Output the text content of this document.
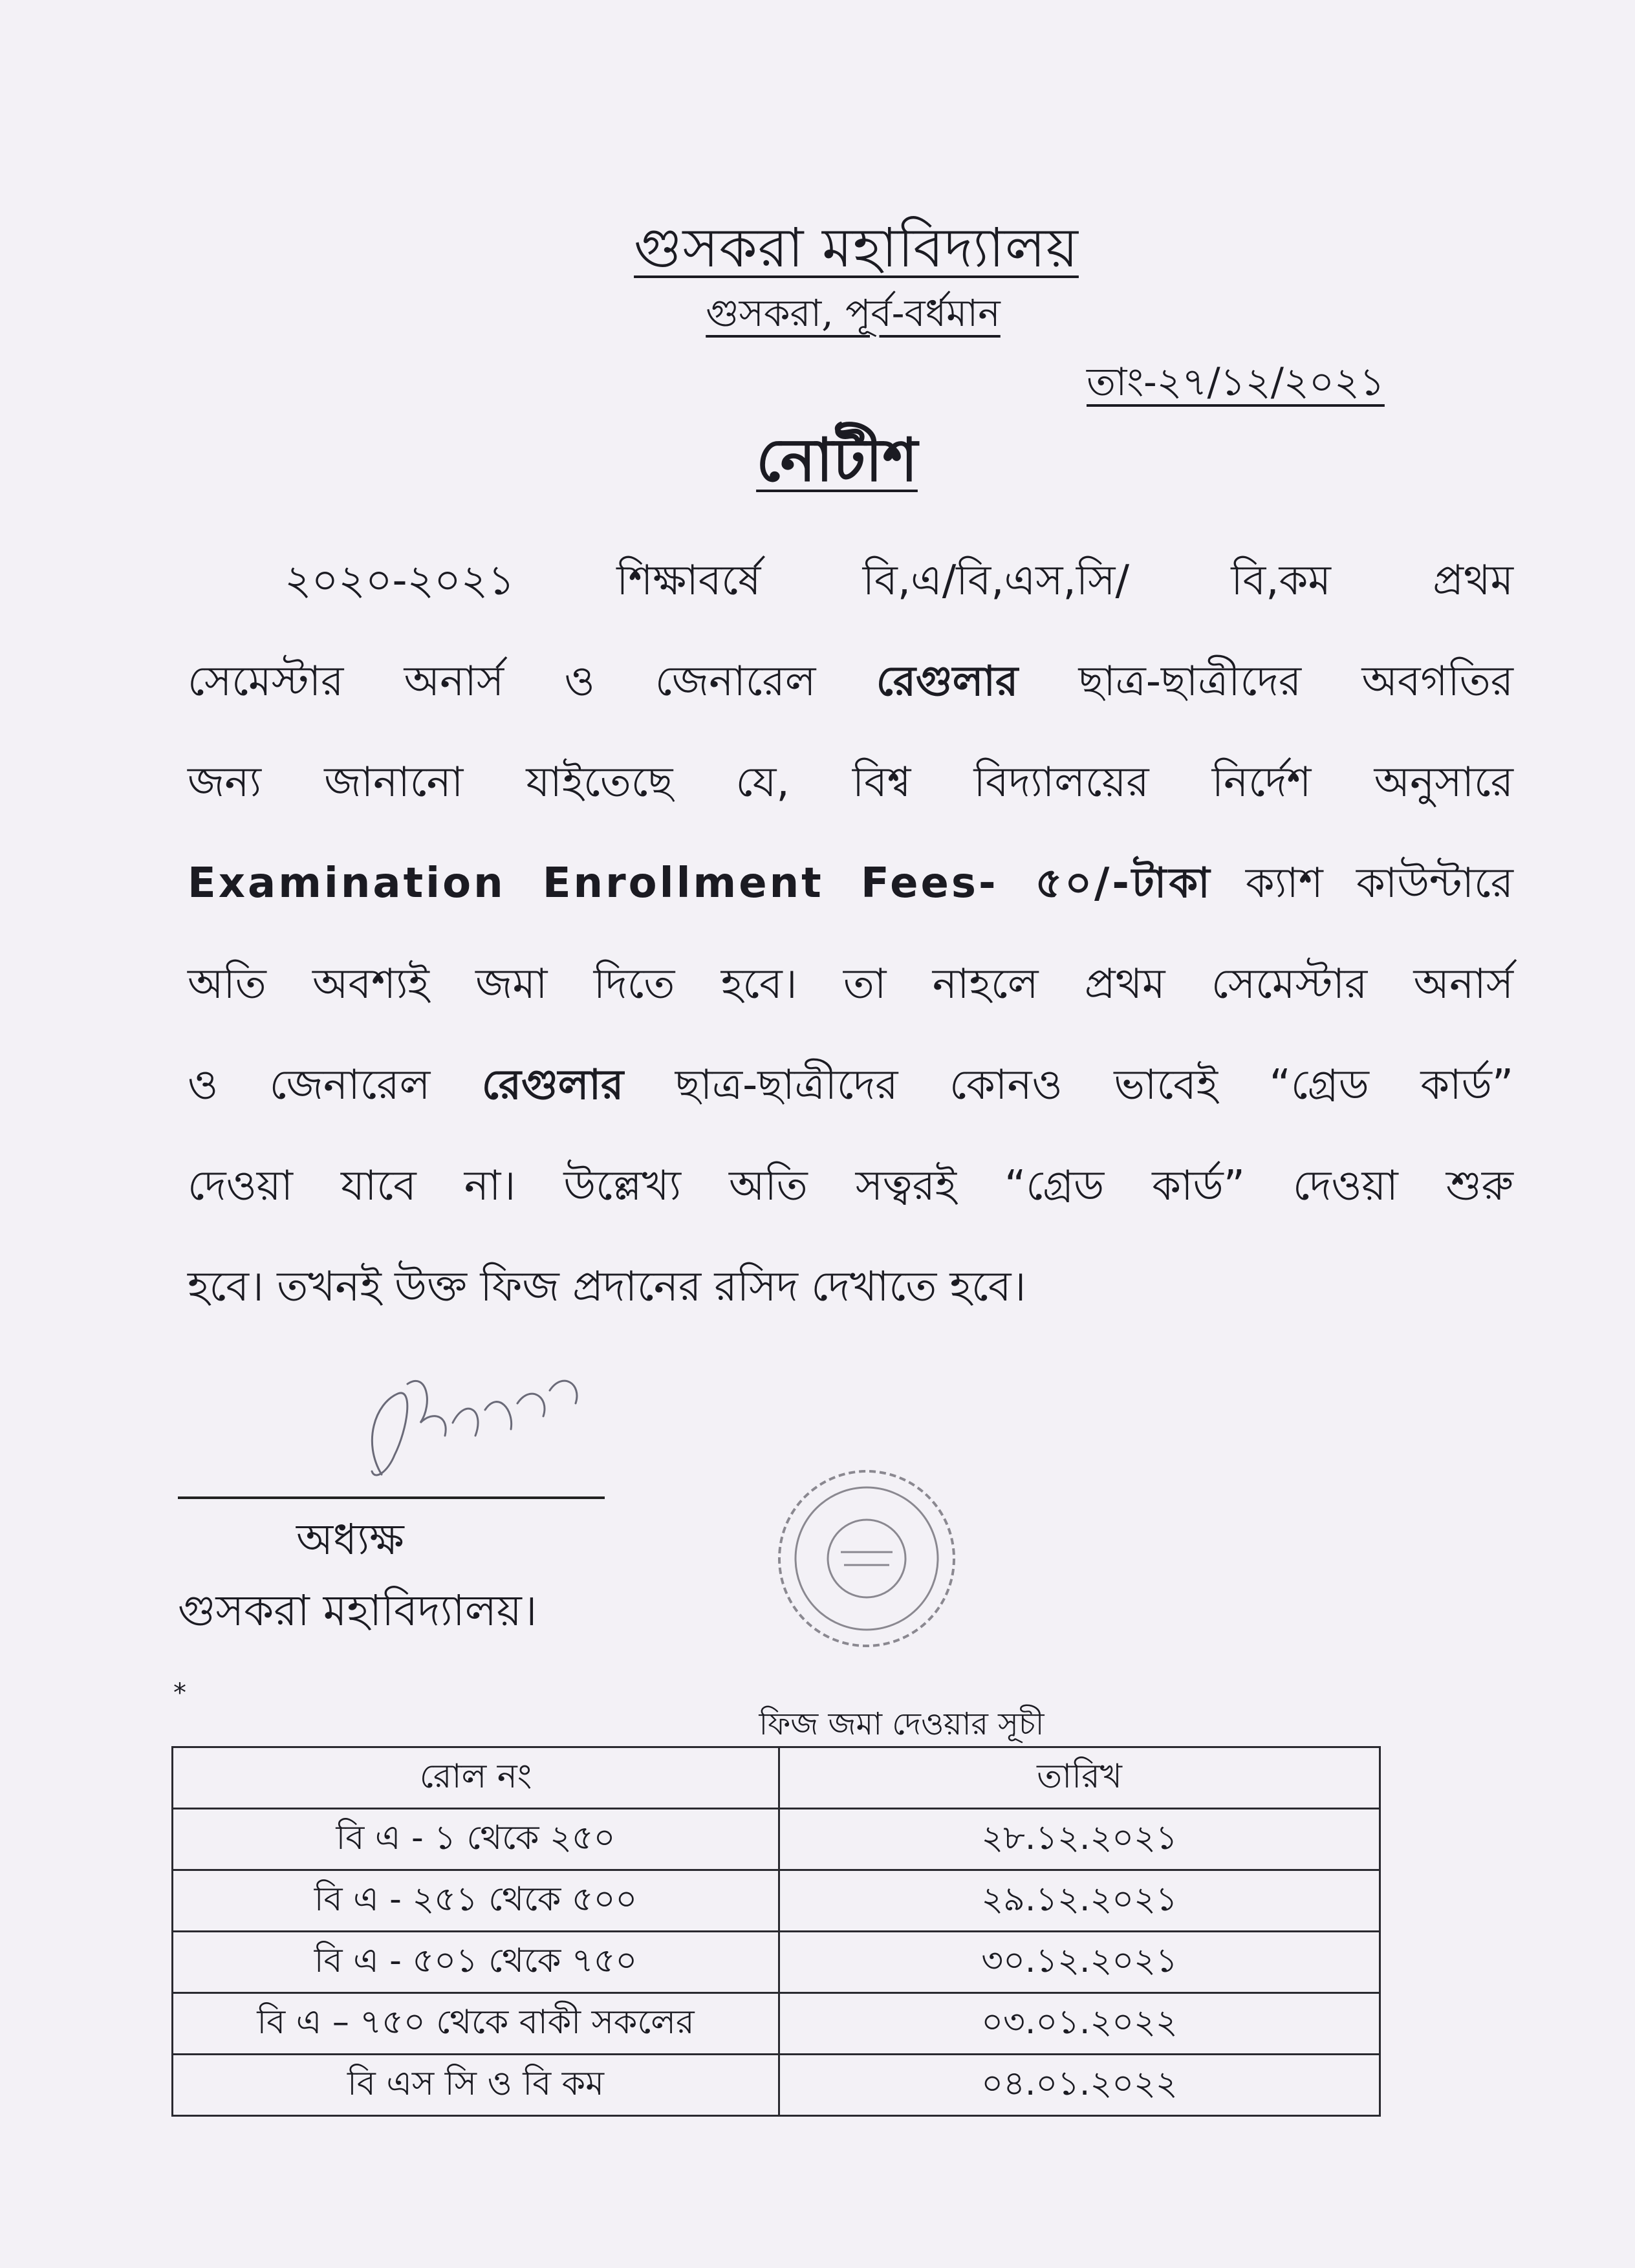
গুসকরা মহাবিদ্যালয়
গুসকরা, পূর্ব-বর্ধমান
তাং-২৭/১২/২০২১
নোটীশ
২০২০-২০২১ শিক্ষাবর্ষে বি,এ/বি,এস,সি/ বি,কম প্রথম
সেমেস্টার অনার্স ও জেনারেল রেগুলার ছাত্র-ছাত্রীদের অবগতির
জন্য জানানো যাইতেছে যে, বিশ্ব বিদ্যালয়ের নির্দেশ অনুসারে
Examination Enrollment Fees- ৫০/-টাকা ক্যাশ কাউন্টারে
অতি অবশ্যই জমা দিতে হবে। তা নাহলে প্রথম সেমেস্টার অনার্স
ও জেনারেল রেগুলার ছাত্র-ছাত্রীদের কোনও ভাবেই “গ্রেড কার্ড”
দেওয়া যাবে না। উল্লেখ্য অতি সত্বরই “গ্রেড কার্ড” দেওয়া শুরু
হবে। তখনই উক্ত ফিজ প্রদানের রসিদ দেখাতে হবে।
অধ্যক্ষ
গুসকরা মহাবিদ্যালয়।
*
ফিজ জমা দেওয়ার সূচী
রোল নং	তারিখ
বি এ - ১ থেকে ২৫০	২৮.১২.২০২১
বি এ - ২৫১ থেকে ৫০০	২৯.১২.২০২১
বি এ - ৫০১ থেকে ৭৫০	৩০.১২.২০২১
বি এ – ৭৫০ থেকে বাকী সকলের	০৩.০১.২০২২
বি এস সি ও বি কম	০৪.০১.২০২২
